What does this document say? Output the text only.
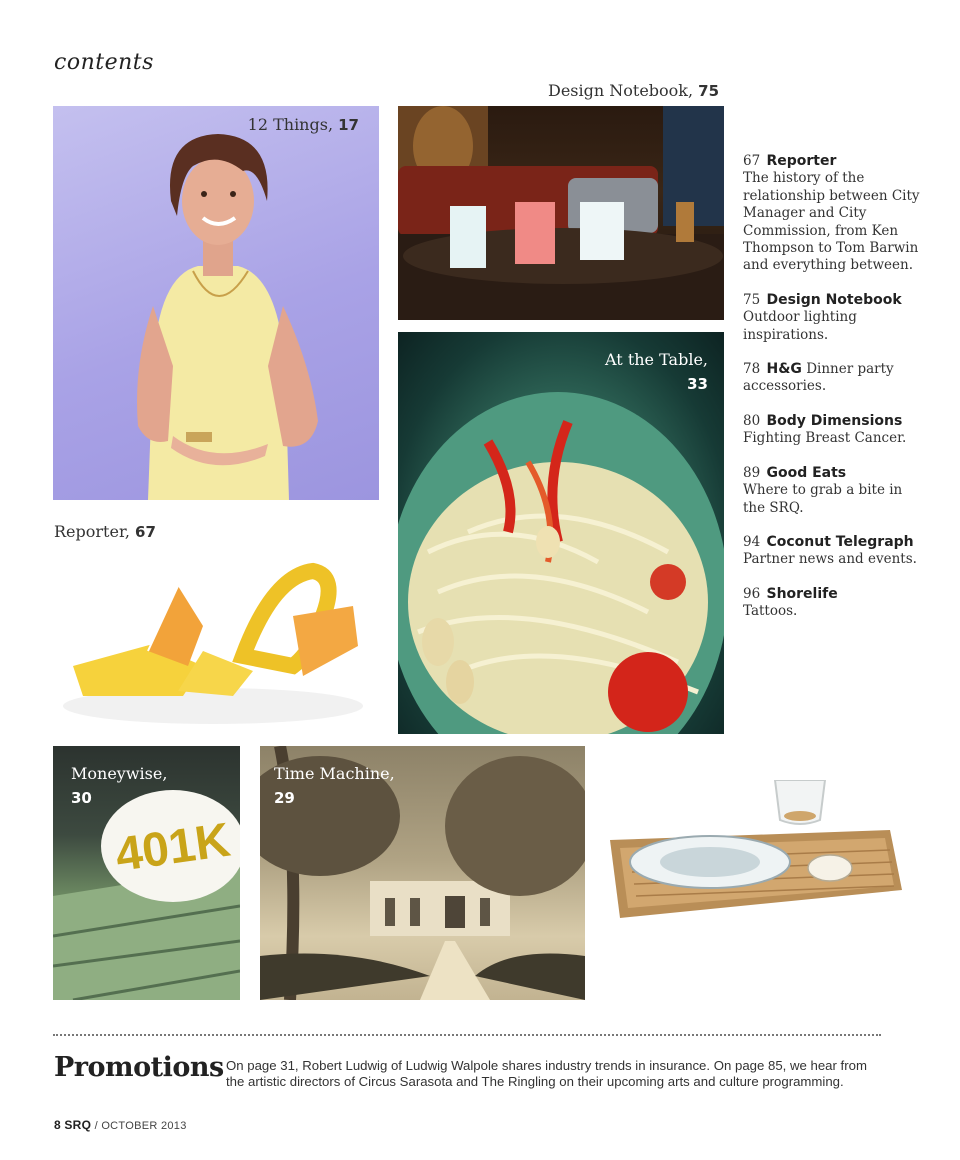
contents
Design Notebook, 75
12 Things, 17
At the Table,
33
Reporter, 67
401K
Moneywise,
30
Time Machine,
29
67 Reporter
The history of the relationship between City Manager and City Commission, from Ken Thompson to Tom Barwin and everything between.
75 Design Notebook Outdoor lighting inspirations.
78 H&G Dinner party accessories.
80 Body Dimensions
Fighting Breast Cancer.
89 Good Eats
Where to grab a bite in the SRQ.
94 Coconut Telegraph
Partner news and events.
96 Shorelife
Tattoos.
Promotions On page 31, Robert Ludwig of Ludwig Walpole shares industry trends in insurance. On page 85, we hear from the artistic directors of Circus Sarasota and The Ringling on their upcoming arts and culture programming.
8 SRQ / OCTOBER 2013
